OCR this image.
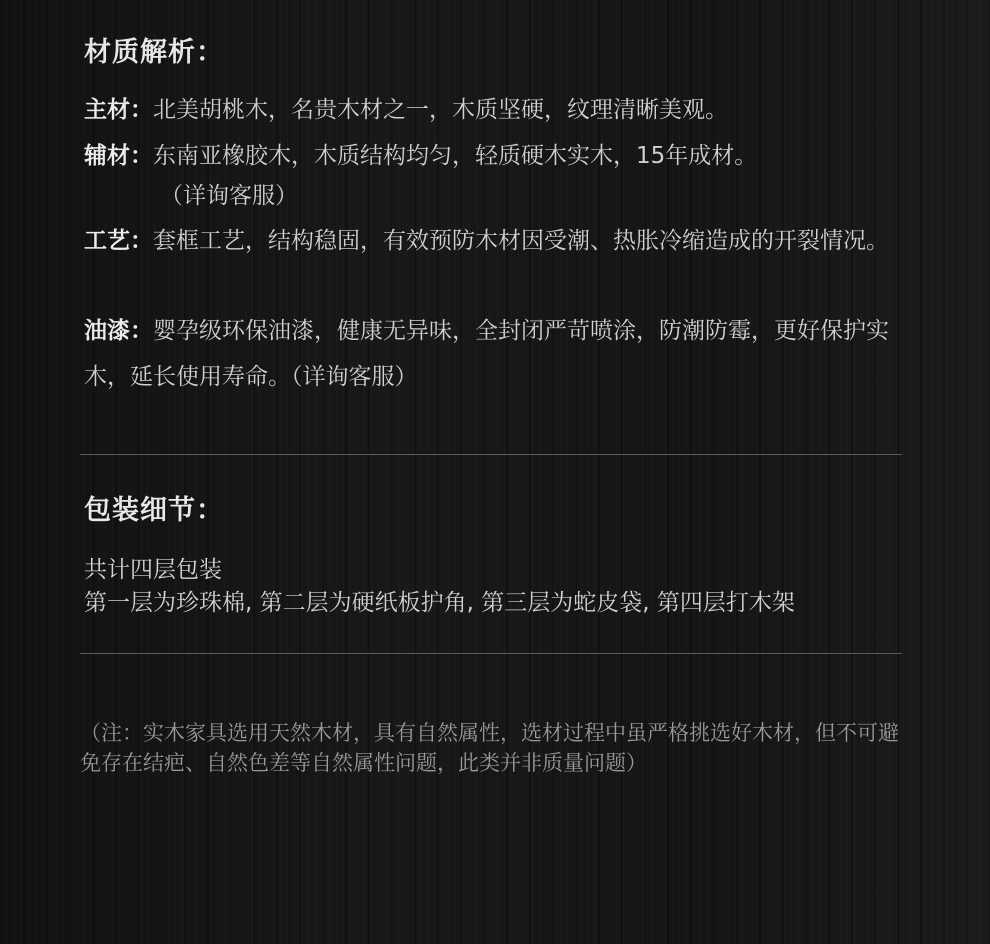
材质解析：
主材：北美胡桃木，名贵木材之一，木质坚硬，纹理清晰美观。
辅材：东南亚橡胶木，木质结构均匀，轻质硬木实木，15年成材。
（详询客服）
工艺：套框工艺，结构稳固，有效预防木材因受潮、热胀冷缩造成的开裂情况。
油漆：婴孕级环保油漆，健康无异味，全封闭严苛喷涂，防潮防霉，更好保护实木，延长使用寿命。（详询客服）
包装细节：
共计四层包装
第一层为珍珠棉, 第二层为硬纸板护角, 第三层为蛇皮袋, 第四层打木架
（注：实木家具选用天然木材，具有自然属性，选材过程中虽严格挑选好木材，但不可避免存在结疤、自然色差等自然属性问题，此类并非质量问题）
